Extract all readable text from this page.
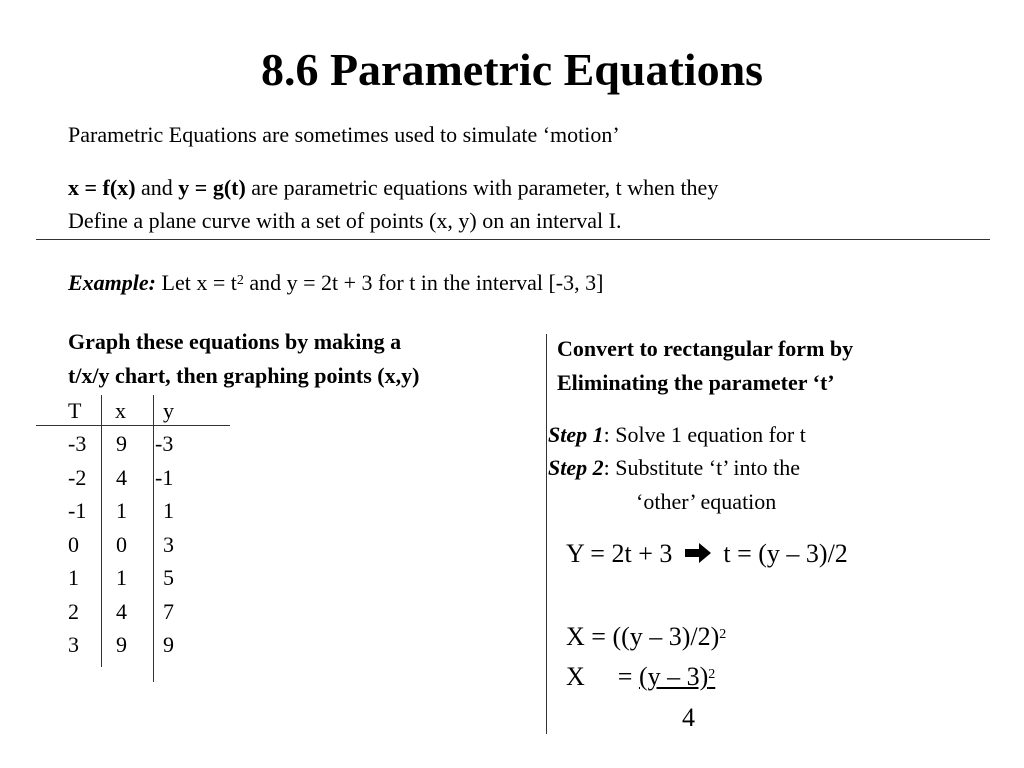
8.6 Parametric Equations
Parametric Equations are sometimes used to simulate ‘motion’
x = f(x) and y = g(t) are parametric equations with parameter, t when they
Define a plane curve with a set of points (x, y) on an interval I.
Example: Let $x = t^2$ and y = 2t + 3 for t in the interval [-3, 3]
Graph these equations by making a
t/x/y chart, then graphing points (x,y)
T x y
-3 9 -3
-2 4 -1
-1 1 1
0 0 3
1 1 5
2 4 7
3 9 9
Convert to rectangular form by
Eliminating the parameter ‘t’
Step 1: Solve 1 equation for t
Step 2: Substitute ‘t’ into the
‘other’ equation
Y = 2t + 3 t = (y – 3)/2
X = ((y – 3)/2)$^2$
X = (y – 3)$^2$
4
